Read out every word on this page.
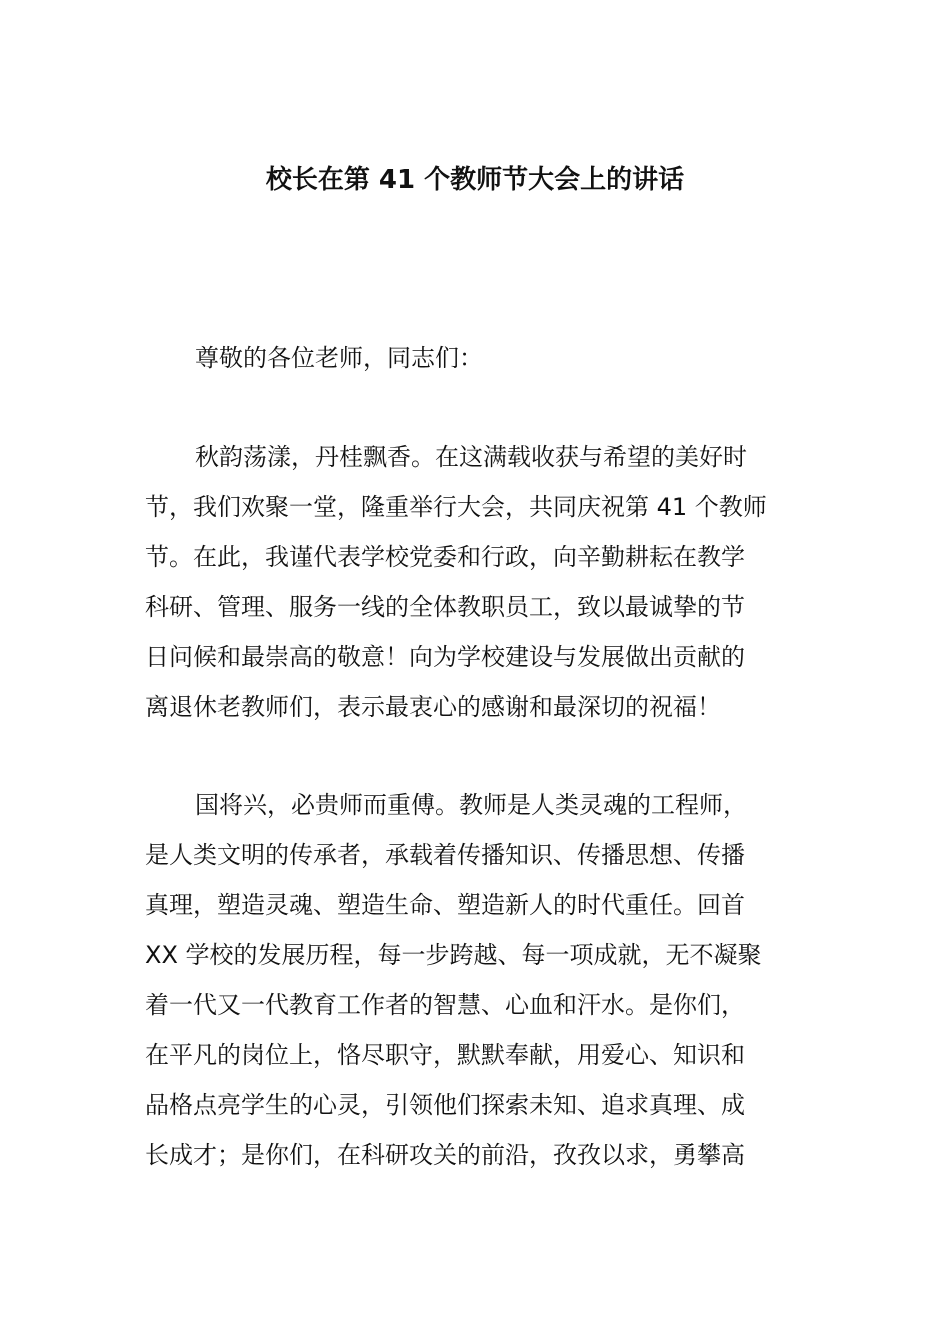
校长在第 41 个教师节大会上的讲话
尊敬的各位老师，同志们：
秋韵荡漾，丹桂飘香。在这满载收获与希望的美好时
节，我们欢聚一堂，隆重举行大会，共同庆祝第 41 个教师
节。在此，我谨代表学校党委和行政，向辛勤耕耘在教学
科研、管理、服务一线的全体教职员工，致以最诚挚的节
日问候和最崇高的敬意！向为学校建设与发展做出贡献的
离退休老教师们，表示最衷心的感谢和最深切的祝福！
国将兴，必贵师而重傅。教师是人类灵魂的工程师，
是人类文明的传承者，承载着传播知识、传播思想、传播
真理，塑造灵魂、塑造生命、塑造新人的时代重任。回首
XX 学校的发展历程，每一步跨越、每一项成就，无不凝聚
着一代又一代教育工作者的智慧、心血和汗水。是你们，
在平凡的岗位上，恪尽职守，默默奉献，用爱心、知识和
品格点亮学生的心灵，引领他们探索未知、追求真理、成
长成才；是你们，在科研攻关的前沿，孜孜以求，勇攀高
